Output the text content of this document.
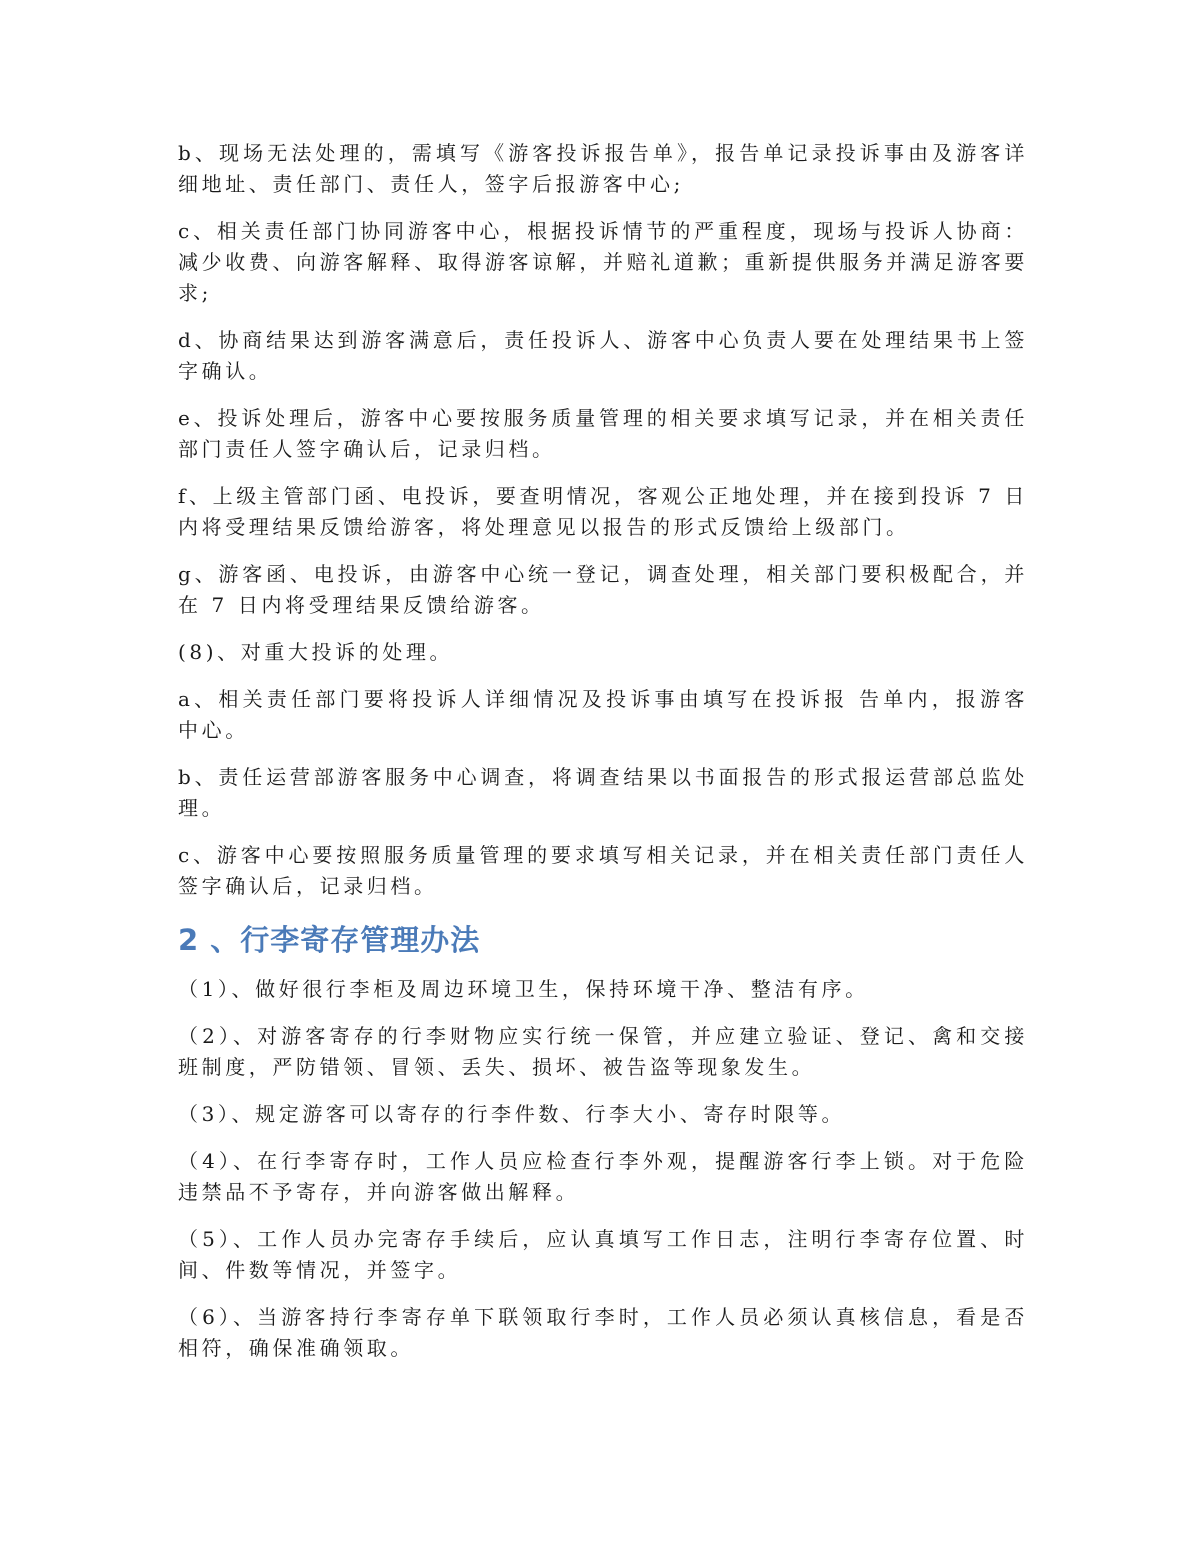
b、现场无法处理的，需填写《游客投诉报告单》，报告单记录投诉事由及游客详细地址、责任部门、责任人，签字后报游客中心;

c、相关责任部门协同游客中心，根据投诉情节的严重程度，现场与投诉人协商：减少收费、向游客解释、取得游客谅解，并赔礼道歉；重新提供服务并满足游客要求;

d、协商结果达到游客满意后，责任投诉人、游客中心负责人要在处理结果书上签字确认。

e、投诉处理后，游客中心要按服务质量管理的相关要求填写记录，并在相关责任部门责任人签字确认后，记录归档。

f、上级主管部门函、电投诉，要查明情况，客观公正地处理，并在接到投诉 7 日内将受理结果反馈给游客，将处理意见以报告的形式反馈给上级部门。

g、游客函、电投诉，由游客中心统一登记，调查处理，相关部门要积极配合，并在 7 日内将受理结果反馈给游客。

(8)、对重大投诉的处理。

a、相关责任部门要将投诉人详细情况及投诉事由填写在投诉报 告单内，报游客中心。

b、责任运营部游客服务中心调查，将调查结果以书面报告的形式报运营部总监处理。

c、游客中心要按照服务质量管理的要求填写相关记录，并在相关责任部门责任人签字确认后，记录归档。

2 、行李寄存管理办法

（1）、做好很行李柜及周边环境卫生，保持环境干净、整洁有序。

（2）、对游客寄存的行李财物应实行统一保管，并应建立验证、登记、禽和交接班制度，严防错领、冒领、丢失、损坏、被告盗等现象发生。

（3）、规定游客可以寄存的行李件数、行李大小、寄存时限等。

（4）、在行李寄存时，工作人员应检查行李外观，提醒游客行李上锁。对于危险违禁品不予寄存，并向游客做出解释。

（5）、工作人员办完寄存手续后，应认真填写工作日志，注明行李寄存位置、时间、件数等情况，并签字。

（6）、当游客持行李寄存单下联领取行李时，工作人员必须认真核信息，看是否相符，确保准确领取。
